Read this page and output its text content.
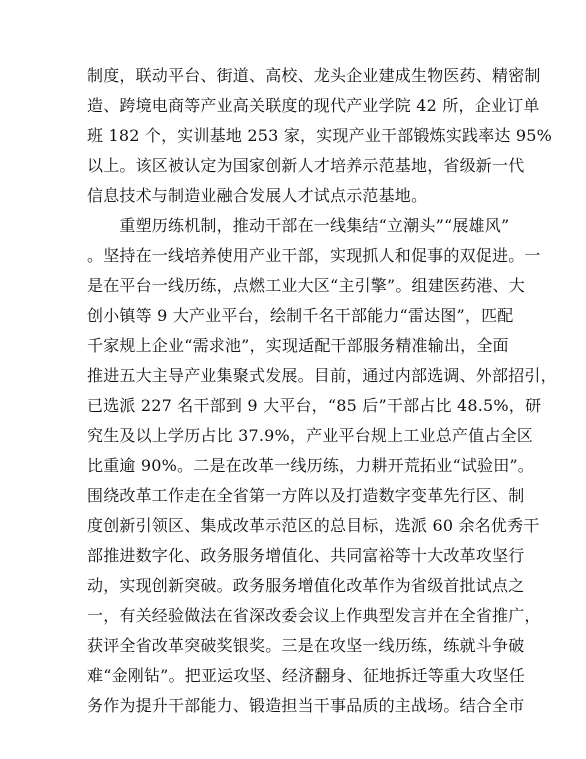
制度，联动平台、街道、高校、龙头企业建成生物医药、精密制
造、跨境电商等产业高关联度的现代产业学院 42 所，企业订单
班 182 个，实训基地 253 家，实现产业干部锻炼实践率达 95%
以上。该区被认定为国家创新人才培养示范基地，省级新一代
信息技术与制造业融合发展人才试点示范基地。
　　重塑历练机制，推动干部在一线集结“立潮头”“展雄风”
。坚持在一线培养使用产业干部，实现抓人和促事的双促进。一
是在平台一线历练，点燃工业大区“主引擎”。组建医药港、大
创小镇等 9 大产业平台，绘制千名干部能力“雷达图”，匹配
千家规上企业“需求池”，实现适配干部服务精准输出，全面
推进五大主导产业集聚式发展。目前，通过内部选调、外部招引，
已选派 227 名干部到 9 大平台，“85 后”干部占比 48.5%，研
究生及以上学历占比 37.9%，产业平台规上工业总产值占全区
比重逾 90%。二是在改革一线历练，力耕开荒拓业“试验田”。
围绕改革工作走在全省第一方阵以及打造数字变革先行区、制
度创新引领区、集成改革示范区的总目标，选派 60 余名优秀干
部推进数字化、政务服务增值化、共同富裕等十大改革攻坚行
动，实现创新突破。政务服务增值化改革作为省级首批试点之
一，有关经验做法在省深改委会议上作典型发言并在全省推广，
获评全省改革突破奖银奖。三是在攻坚一线历练，练就斗争破
难“金刚钻”。把亚运攻坚、经济翻身、征地拆迁等重大攻坚任
务作为提升干部能力、锻造担当干事品质的主战场。结合全市
